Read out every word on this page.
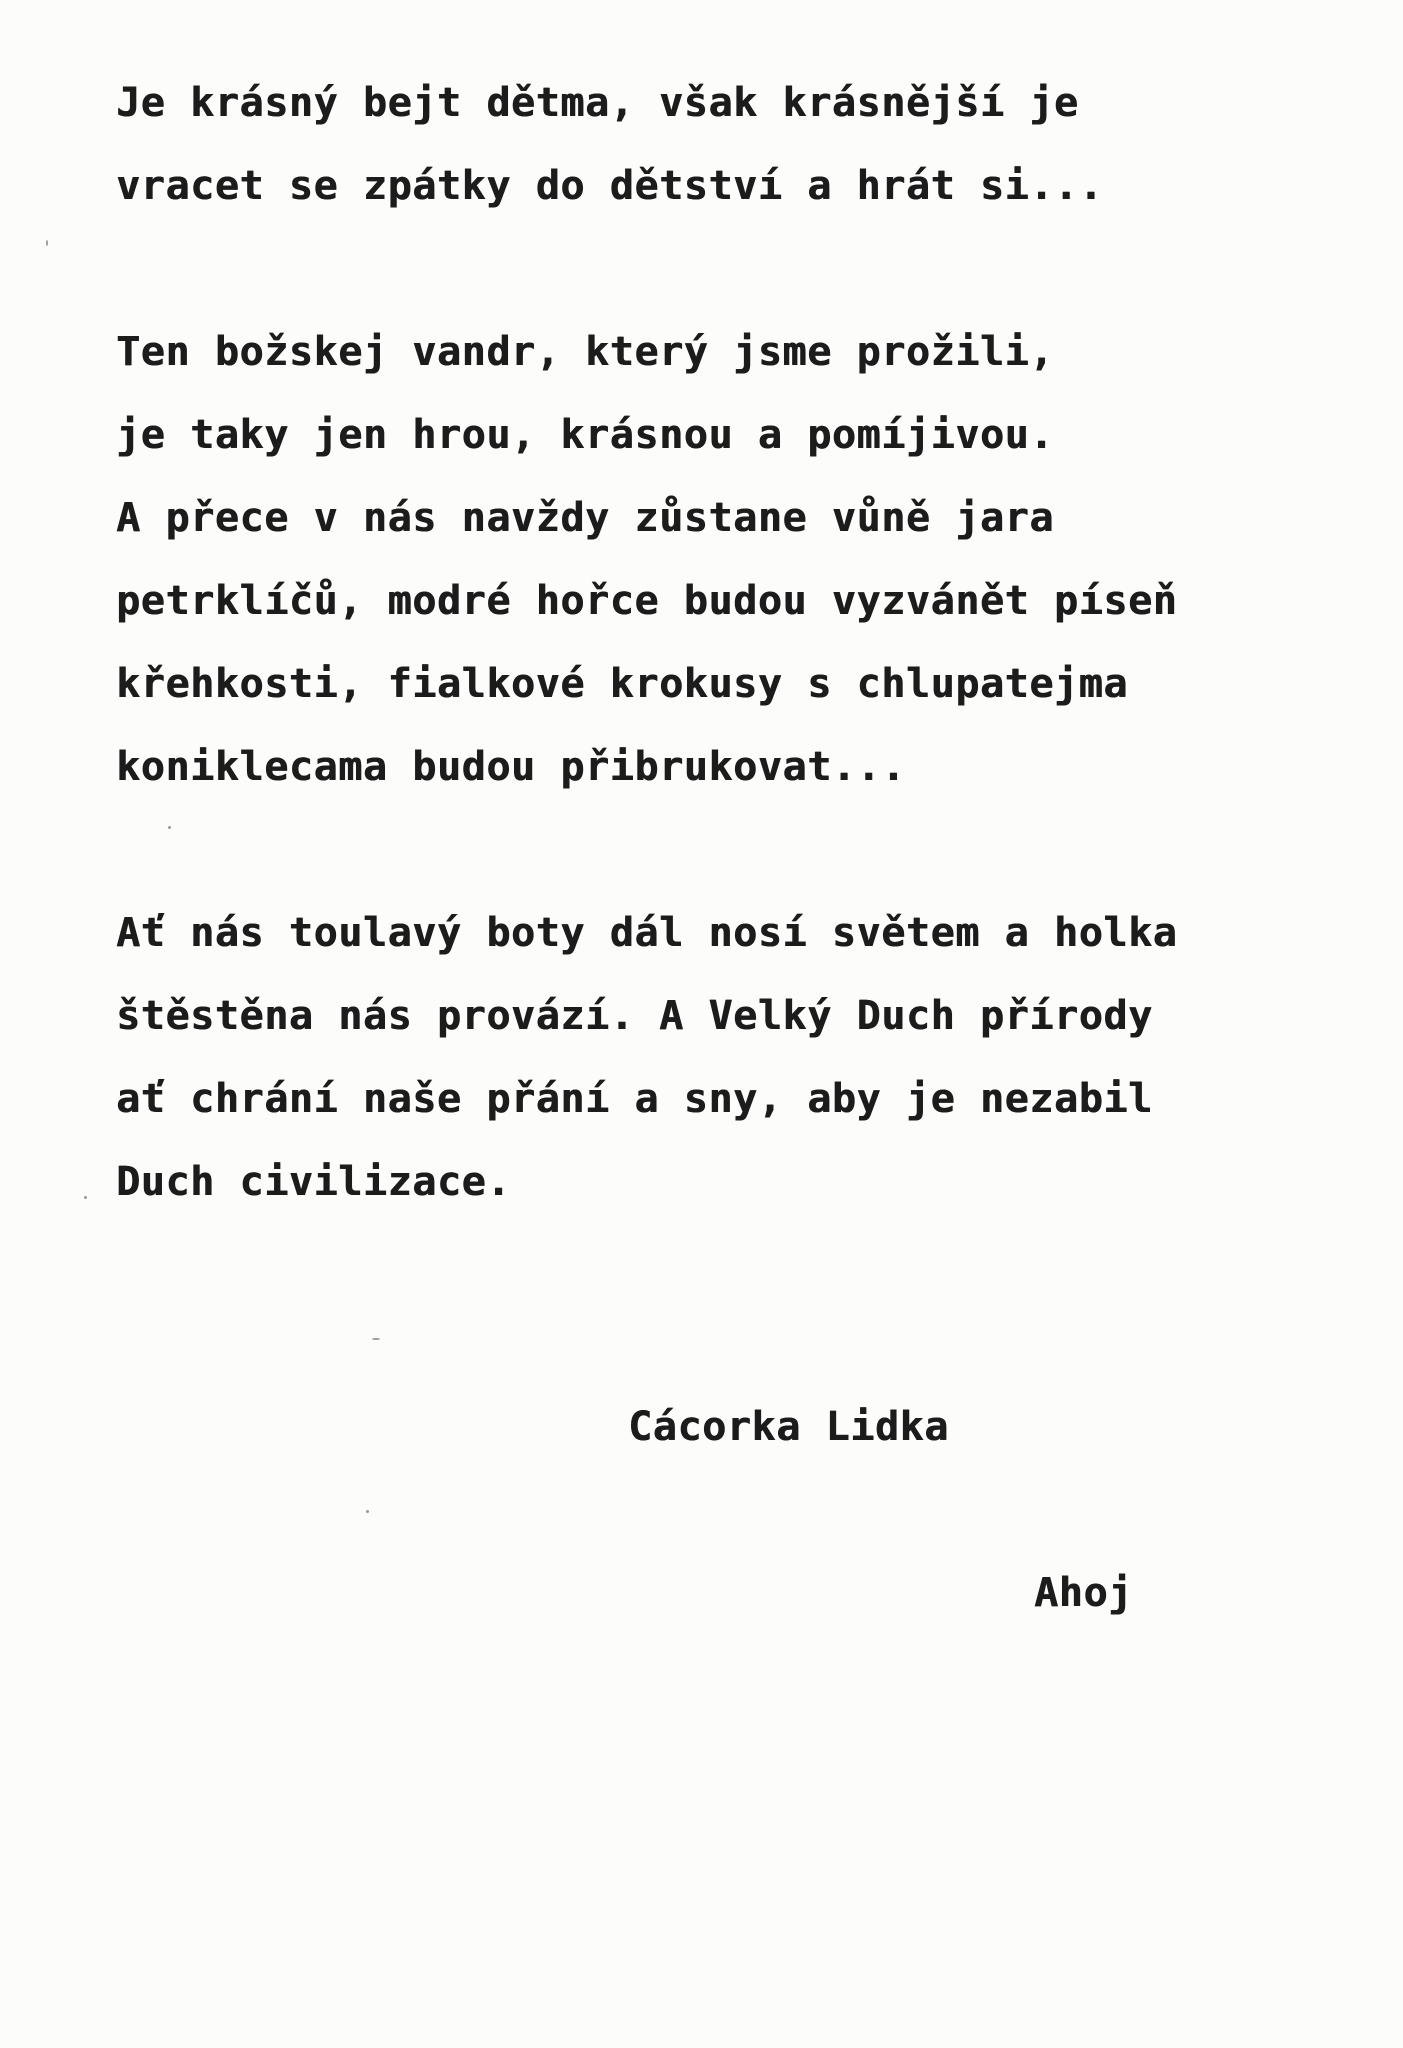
Je krásný bejt dětma, však krásnější je
vracet se zpátky do dětství a hrát si...
Ten božskej vandr, který jsme prožili,
je taky jen hrou, krásnou a pomíjivou.
A přece v nás navždy zůstane vůně jara
petrklíčů, modré hořce budou vyzvánět píseň
křehkosti, fialkové krokusy s chlupatejma
koniklecama budou přibrukovat...
Ať nás toulavý boty dál nosí světem a holka
štěstěna nás provází. A Velký Duch přírody
ať chrání naše přání a sny, aby je nezabil
Duch civilizace.
Cácorka Lidka
Ahoj
